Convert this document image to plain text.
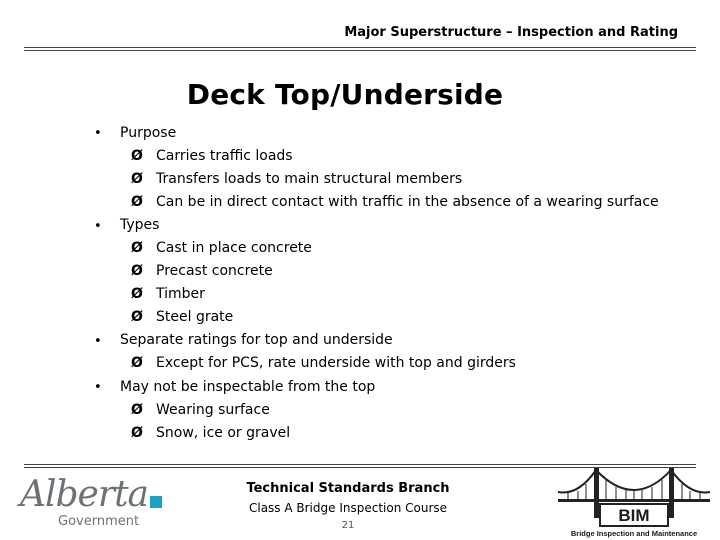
Major Superstructure – Inspection and Rating
Deck Top/Underside
• Purpose
Ø Carries traffic loads
Ø Transfers loads to main structural members
Ø Can be in direct contact with traffic in the absence of a wearing surface
• Types
Ø Cast in place concrete
Ø Precast concrete
Ø Timber
Ø Steel grate
• Separate ratings for top and underside
Ø Except for PCS, rate underside with top and girders
• May not be inspectable from the top
Ø Wearing surface
Ø Snow, ice or gravel
Alberta
Government
Technical Standards Branch
Class A Bridge Inspection Course
21
BIM
Bridge Inspection and Maintenance
